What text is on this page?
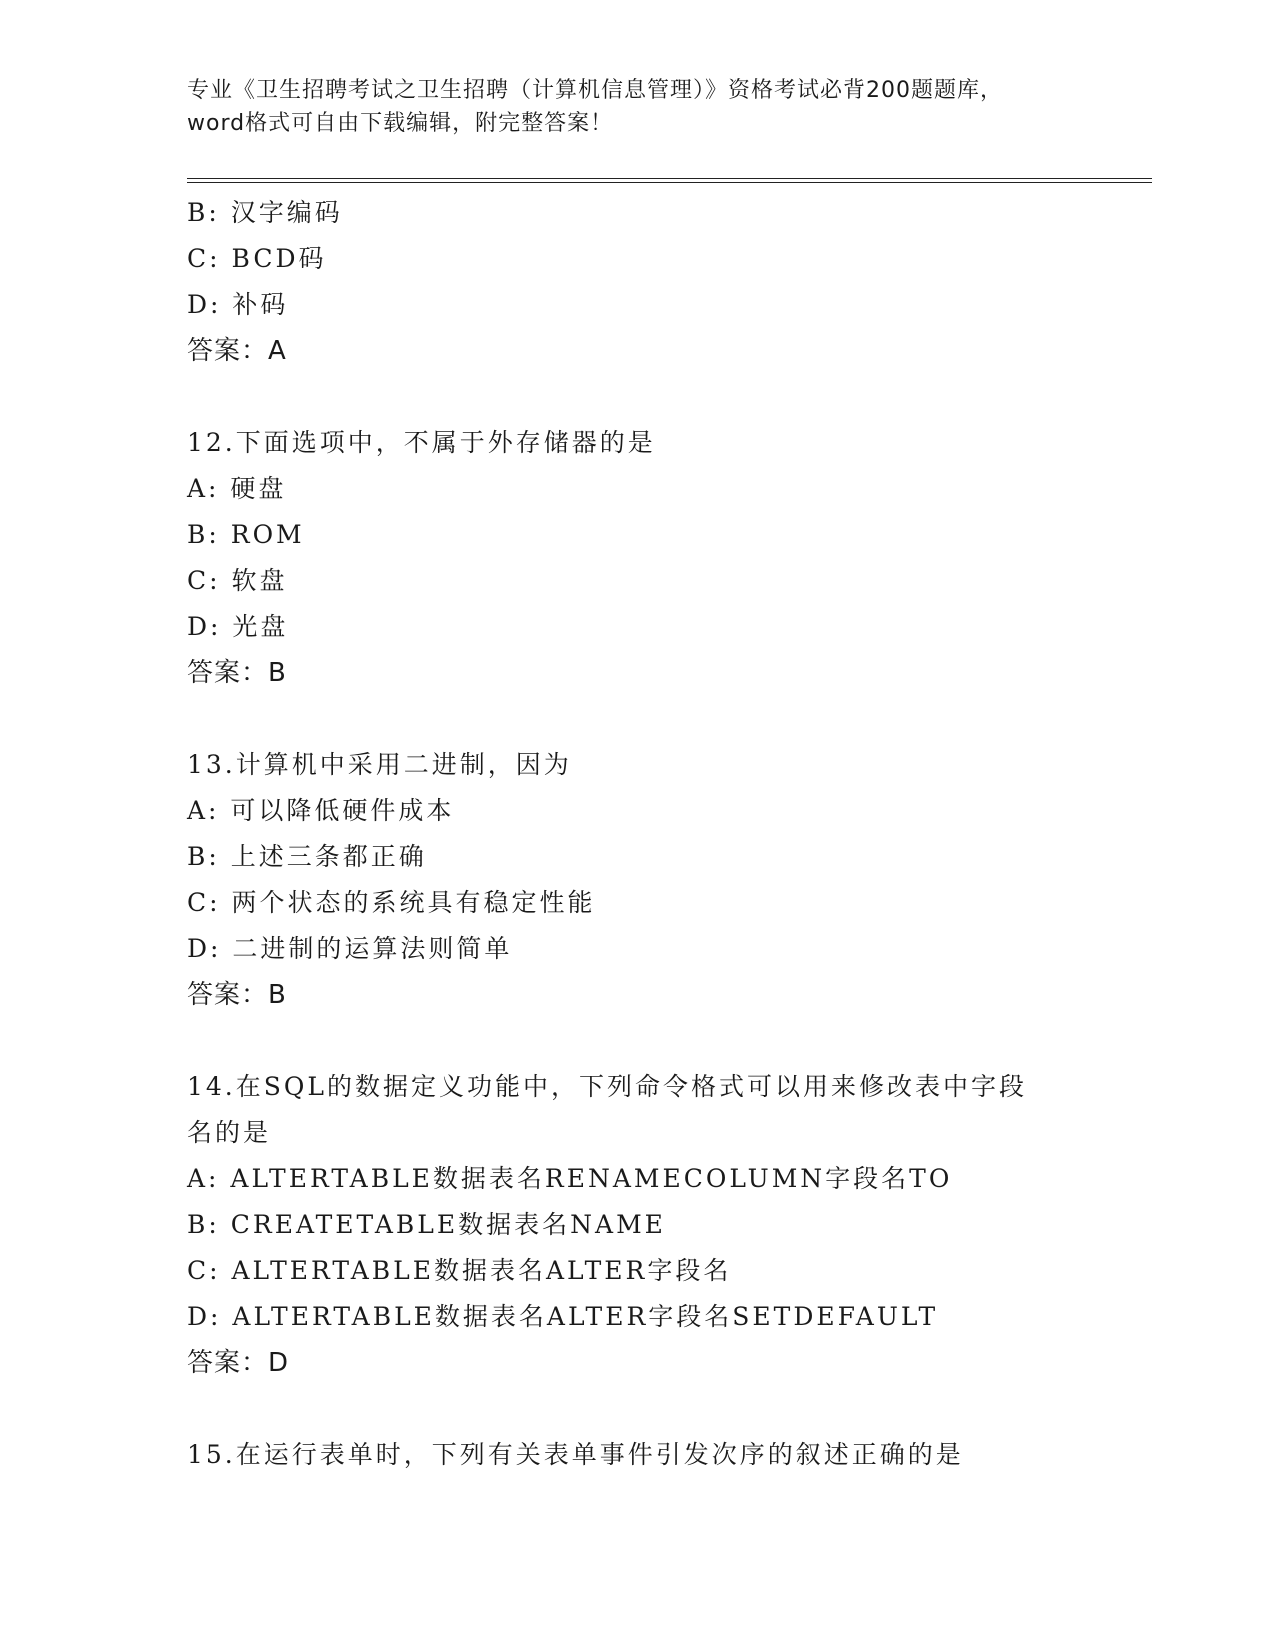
专业《卫生招聘考试之卫生招聘（计算机信息管理）》资格考试必背200题题库，
word格式可自由下载编辑，附完整答案！
B: 汉字编码
C: BCD码
D: 补码
答案：A
12.下面选项中，不属于外存储器的是
A: 硬盘
B: ROM
C: 软盘
D: 光盘
答案：B
13.计算机中采用二进制，因为
A: 可以降低硬件成本
B: 上述三条都正确
C: 两个状态的系统具有稳定性能
D: 二进制的运算法则简单
答案：B
14.在SQL的数据定义功能中，下列命令格式可以用来修改表中字段名的是
A: ALTERTABLE数据表名RENAMECOLUMN字段名TO
B: CREATETABLE数据表名NAME
C: ALTERTABLE数据表名ALTER字段名
D: ALTERTABLE数据表名ALTER字段名SETDEFAULT
答案：D
15.在运行表单时，下列有关表单事件引发次序的叙述正确的是
